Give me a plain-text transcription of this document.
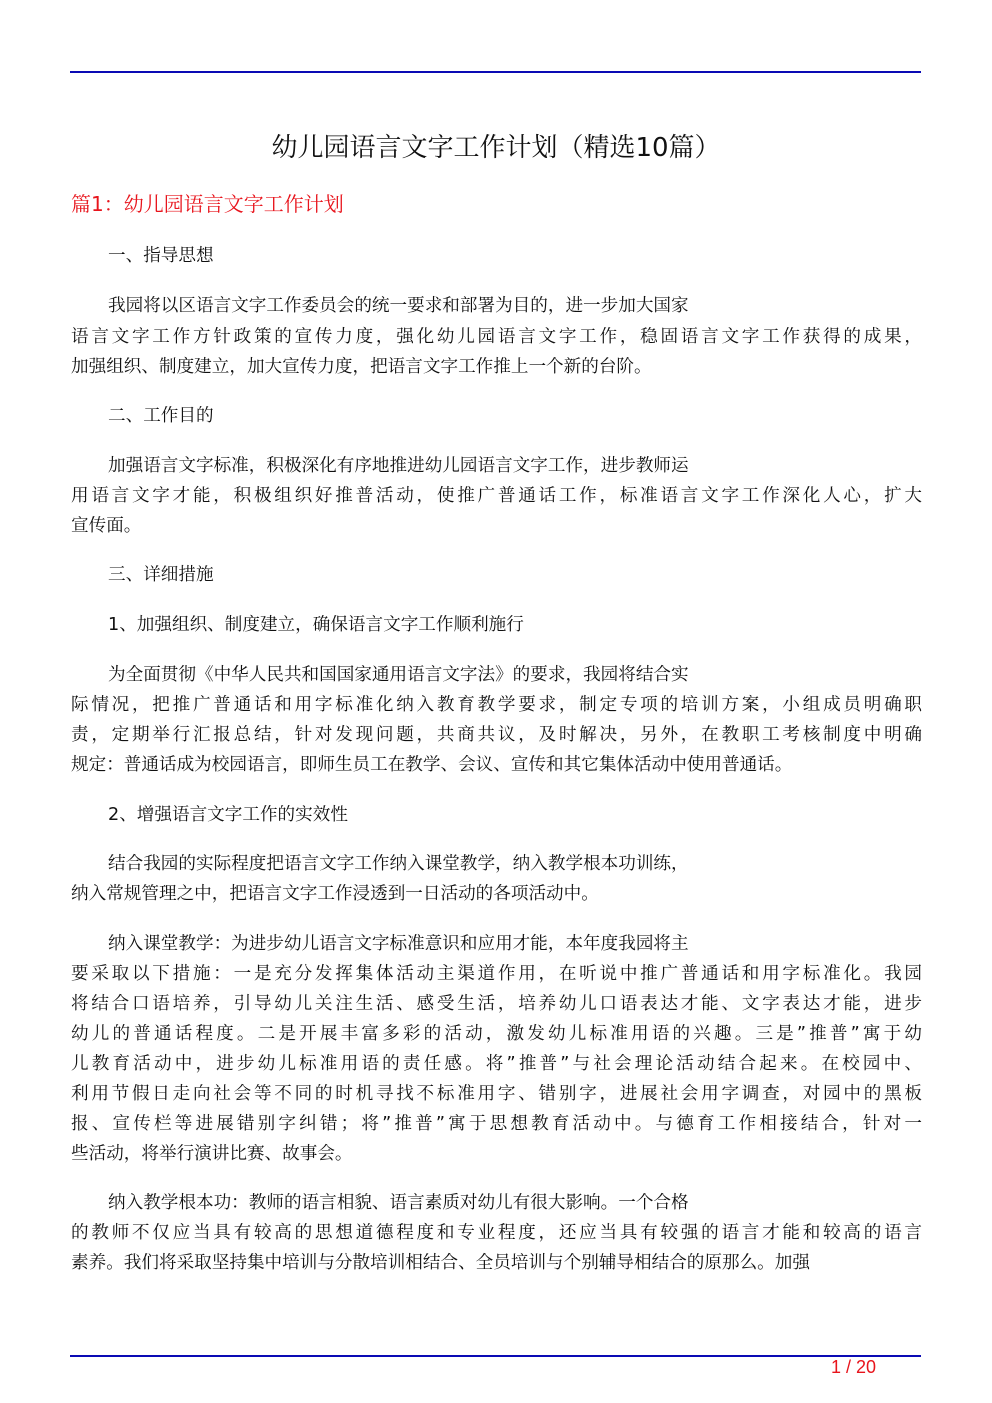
幼儿园语言文字工作计划（精选10篇）
篇1：幼儿园语言文字工作计划
一、指导思想
我园将以区语言文字工作委员会的统一要求和部署为目的，进一步加大国家
语言文字工作方针政策的宣传力度，强化幼儿园语言文字工作，稳固语言文字工作获得的成果，
加强组织、制度建立，加大宣传力度，把语言文字工作推上一个新的台阶。
二、工作目的
加强语言文字标准，积极深化有序地推进幼儿园语言文字工作，进步教师运
用语言文字才能，积极组织好推普活动，使推广普通话工作，标准语言文字工作深化人心，扩大
宣传面。
三、详细措施
1、加强组织、制度建立，确保语言文字工作顺利施行
为全面贯彻《中华人民共和国国家通用语言文字法》的要求，我园将结合实
际情况，把推广普通话和用字标准化纳入教育教学要求，制定专项的培训方案，小组成员明确职
责，定期举行汇报总结，针对发现问题，共商共议，及时解决，另外，在教职工考核制度中明确
规定：普通话成为校园语言，即师生员工在教学、会议、宣传和其它集体活动中使用普通话。
2、增强语言文字工作的实效性
结合我园的实际程度把语言文字工作纳入课堂教学，纳入教学根本功训练，
纳入常规管理之中，把语言文字工作浸透到一日活动的各项活动中。
纳入课堂教学：为进步幼儿语言文字标准意识和应用才能，本年度我园将主
要采取以下措施：一是充分发挥集体活动主渠道作用，在听说中推广普通话和用字标准化。我园
将结合口语培养，引导幼儿关注生活、感受生活，培养幼儿口语表达才能、文字表达才能，进步
幼儿的普通话程度。二是开展丰富多彩的活动，激发幼儿标准用语的兴趣。三是”推普”寓于幼
儿教育活动中，进步幼儿标准用语的责任感。将”推普”与社会理论活动结合起来。在校园中、
利用节假日走向社会等不同的时机寻找不标准用字、错别字，进展社会用字调查，对园中的黑板
报、宣传栏等进展错别字纠错；将”推普”寓于思想教育活动中。与德育工作相接结合，针对一
些活动，将举行演讲比赛、故事会。
纳入教学根本功：教师的语言相貌、语言素质对幼儿有很大影响。一个合格
的教师不仅应当具有较高的思想道德程度和专业程度，还应当具有较强的语言才能和较高的语言
素养。我们将采取坚持集中培训与分散培训相结合、全员培训与个别辅导相结合的原那么。加强
1 / 20
